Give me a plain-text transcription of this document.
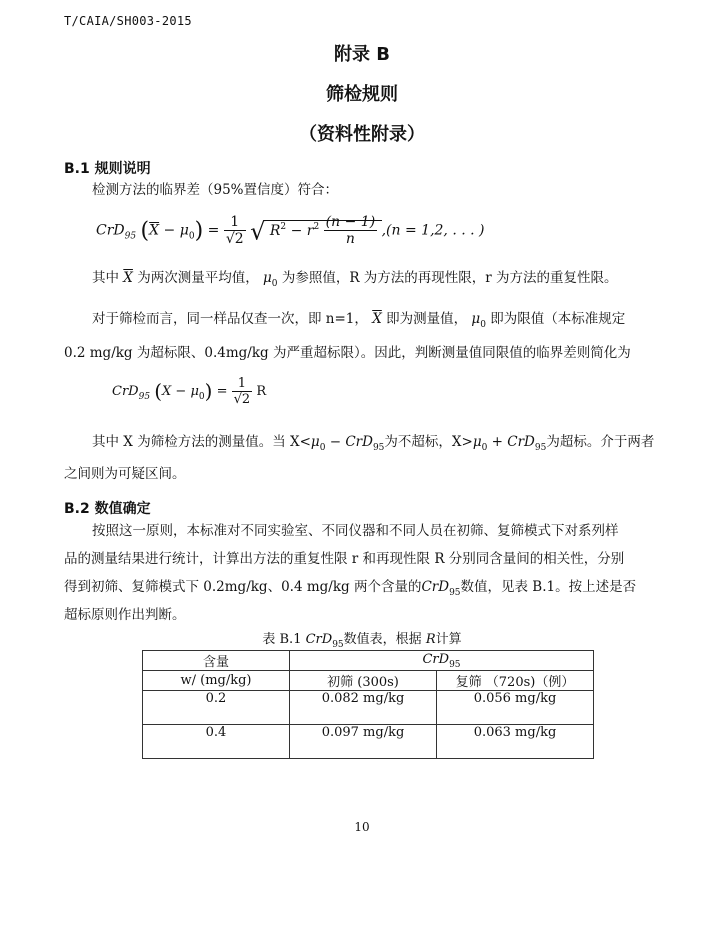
T/CAIA/SH003-2015
附录 B
筛检规则
（资料性附录）
B.1 规则说明
检测方法的临界差（95%置信度）符合：
CrD$_{95}$ $(\overline{X} - \mu_0) = \frac{1}{√2}$ √ $R^2 - r^2 \frac{(n - 1)}{n} ,(n = 1,2$, . . . )
其中 $\overline{X}$ 为两次测量平均值， $\mu_0$ 为参照值，R 为方法的再现性限，r 为方法的重复性限。
对于筛检而言，同一样品仅查一次，即 n=1， $\overline{X}$ 即为测量值， $\mu_0$ 即为限值（本标准规定
0.2 mg/kg 为超标限、0.4mg/kg 为严重超标限）。因此，判断测量值同限值的临界差则简化为
CrD$_{95}$ $(X - \mu_0) = \frac{1}{√2}$ R
其中 X 为筛检方法的测量值。当 $X<\mu_0 - CrD_{95}$为不超标，$X>\mu_0 + CrD_{95}$为超标。介于两者
之间则为可疑区间。
B.2 数值确定
按照这一原则，本标准对不同实验室、不同仪器和不同人员在初筛、复筛模式下对系列样
品的测量结果进行统计，计算出方法的重复性限 r 和再现性限 R 分别同含量间的相关性，分别
得到初筛、复筛模式下 0.2mg/kg、0.4 mg/kg 两个含量的CrD$_{95}$数值，见表 B.1。按上述是否
超标原则作出判断。
表 B.1 CrD$_{95}$数值表，根据 R计算
含量	CrD$_{95}$
w/ (mg/kg)	初筛 (300s)	复筛 （720s)（例）
0.2	0.082 mg/kg	0.056 mg/kg
0.4	0.097 mg/kg	0.063 mg/kg
10
